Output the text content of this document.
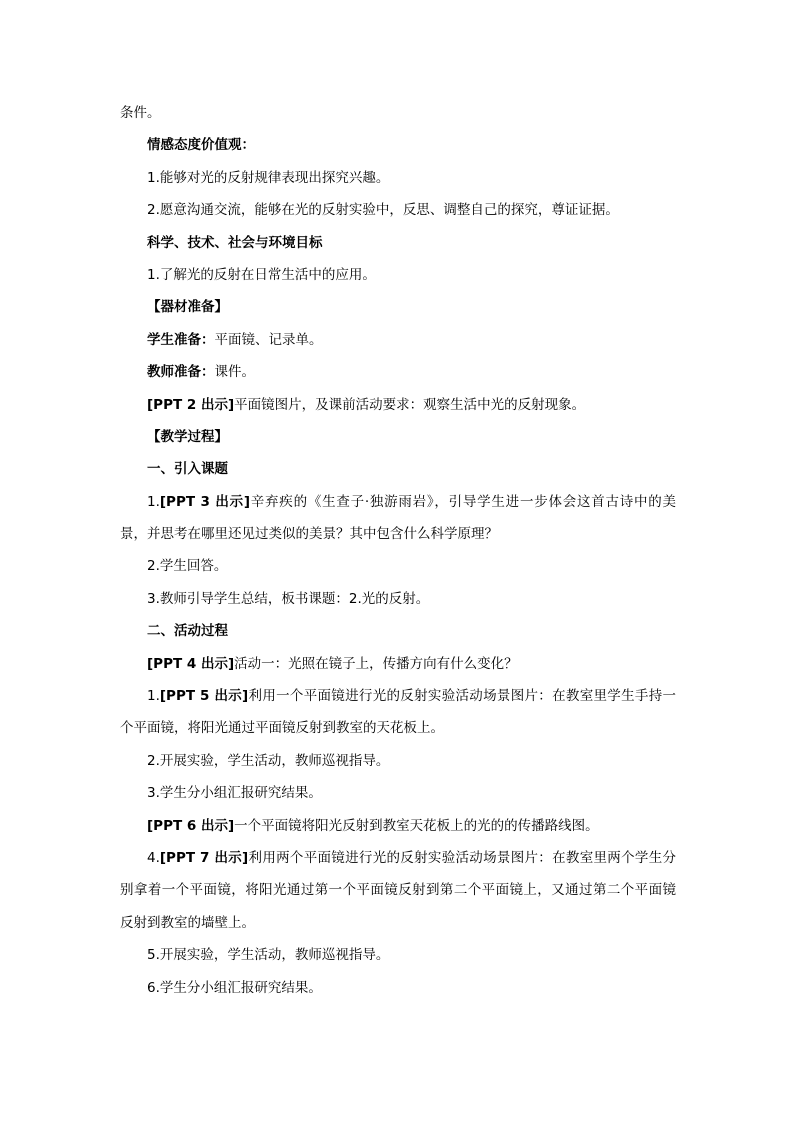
条件。
情感态度价值观：
1.能够对光的反射规律表现出探究兴趣。
2.愿意沟通交流，能够在光的反射实验中，反思、调整自己的探究，尊证证据。
科学、技术、社会与环境目标
1.了解光的反射在日常生活中的应用。
【器材准备】
学生准备：平面镜、记录单。
教师准备：课件。
[PPT 2 出示]平面镜图片，及课前活动要求：观察生活中光的反射现象。
【教学过程】
一、引入课题
1.[PPT 3 出示]辛弃疾的《生查子·独游雨岩》，引导学生进一步体会这首古诗中的美
景，并思考在哪里还见过类似的美景？其中包含什么科学原理？
2.学生回答。
3.教师引导学生总结，板书课题：2.光的反射。
二、活动过程
[PPT 4 出示]活动一：光照在镜子上，传播方向有什么变化？
1.[PPT 5 出示]利用一个平面镜进行光的反射实验活动场景图片：在教室里学生手持一
个平面镜，将阳光通过平面镜反射到教室的天花板上。
2.开展实验，学生活动，教师巡视指导。
3.学生分小组汇报研究结果。
[PPT 6 出示]一个平面镜将阳光反射到教室天花板上的光的的传播路线图。
4.[PPT 7 出示]利用两个平面镜进行光的反射实验活动场景图片：在教室里两个学生分
别拿着一个平面镜，将阳光通过第一个平面镜反射到第二个平面镜上，又通过第二个平面镜
反射到教室的墙壁上。
5.开展实验，学生活动，教师巡视指导。
6.学生分小组汇报研究结果。
